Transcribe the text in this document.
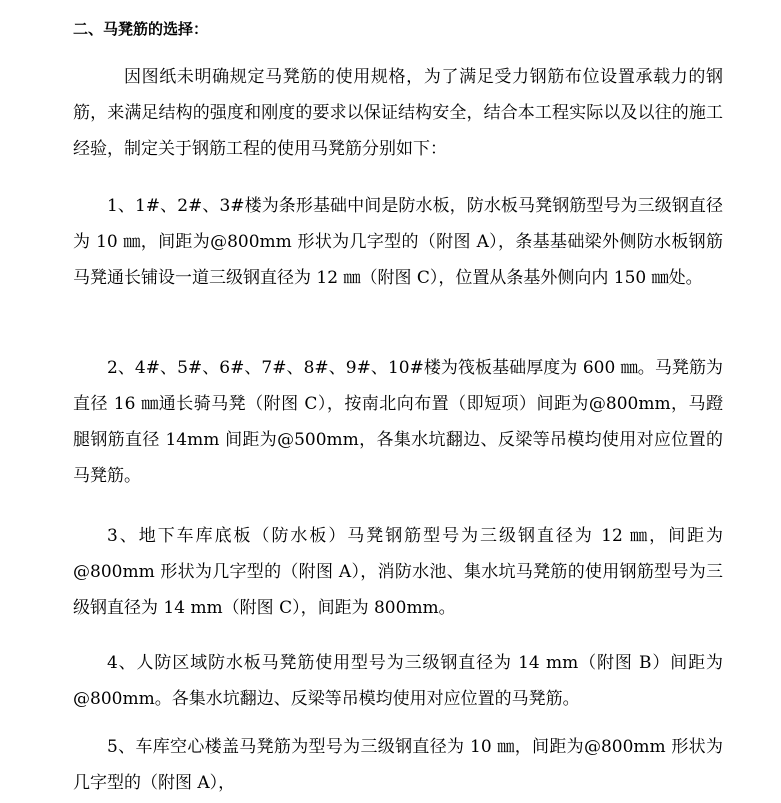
二、马凳筋的选择：

因图纸未明确规定马凳筋的使用规格，为了满足受力钢筋布位设置承载力的钢筋，来满足结构的强度和刚度的要求以保证结构安全，结合本工程实际以及以往的施工经验，制定关于钢筋工程的使用马凳筋分别如下：

1、1#、2#、3#楼为条形基础中间是防水板，防水板马凳钢筋型号为三级钢直径为 10 ㎜，间距为@800mm 形状为几字型的（附图 A），条基基础梁外侧防水板钢筋马凳通长铺设一道三级钢直径为 12 ㎜（附图 C），位置从条基外侧向内 150 ㎜处。

2、4#、5#、6#、7#、8#、9#、10#楼为筏板基础厚度为 600 ㎜。马凳筋为直径 16 ㎜通长骑马凳（附图 C），按南北向布置（即短项）间距为@800mm，马蹬腿钢筋直径 14mm 间距为@500mm，各集水坑翻边、反梁等吊模均使用对应位置的马凳筋。

3、地下车库底板（防水板）马凳钢筋型号为三级钢直径为 12 ㎜，间距为@800mm 形状为几字型的（附图 A），消防水池、集水坑马凳筋的使用钢筋型号为三级钢直径为 14 mm（附图 C），间距为 800mm。

4、人防区域防水板马凳筋使用型号为三级钢直径为 14 mm（附图 B）间距为@800mm。各集水坑翻边、反梁等吊模均使用对应位置的马凳筋。

5、车库空心楼盖马凳筋为型号为三级钢直径为 10 ㎜，间距为@800mm 形状为几字型的（附图 A），
